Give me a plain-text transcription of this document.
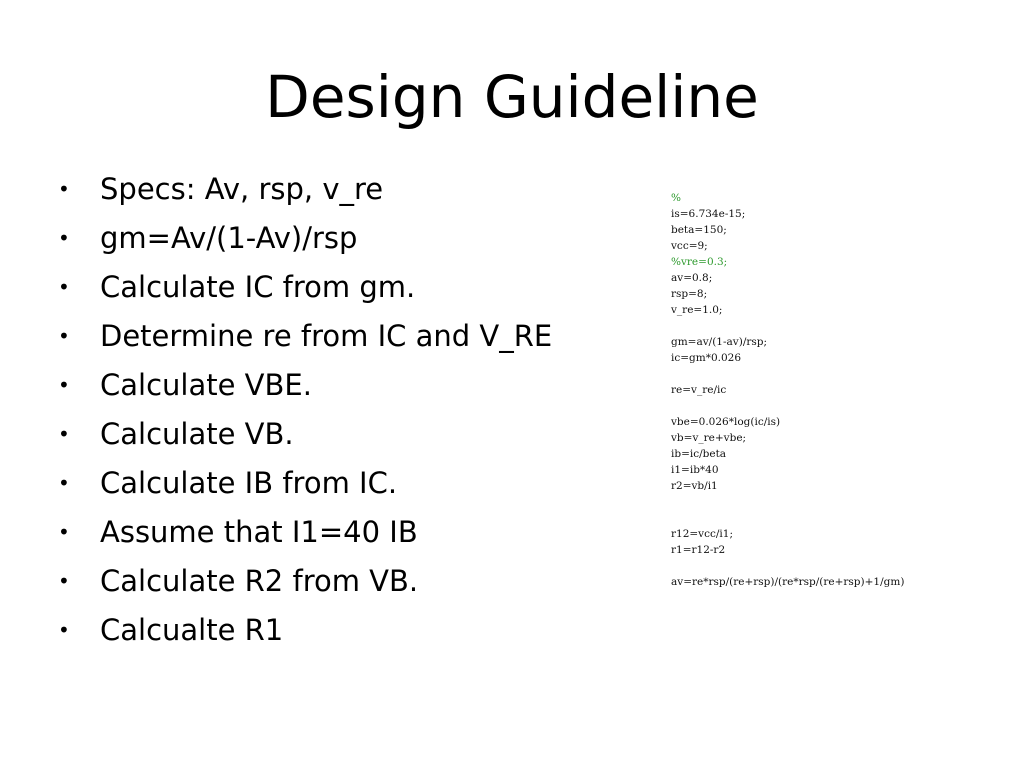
Design Guideline
• Specs: Av, rsp, v_re
• gm=Av/(1-Av)/rsp
• Calculate IC from gm.
• Determine re from IC and V_RE
• Calculate VBE.
• Calculate VB.
• Calculate IB from IC.
• Assume that I1=40 IB
• Calculate R2 from VB.
• Calcualte R1
%
is=6.734e-15;
beta=150;
vcc=9;
%vre=0.3;
av=0.8;
rsp=8;
v_re=1.0;
gm=av/(1-av)/rsp;
ic=gm*0.026
re=v_re/ic
vbe=0.026*log(ic/is)
vb=v_re+vbe;
ib=ic/beta
i1=ib*40
r2=vb/i1
r12=vcc/i1;
r1=r12-r2
av=re*rsp/(re+rsp)/(re*rsp/(re+rsp)+1/gm)
